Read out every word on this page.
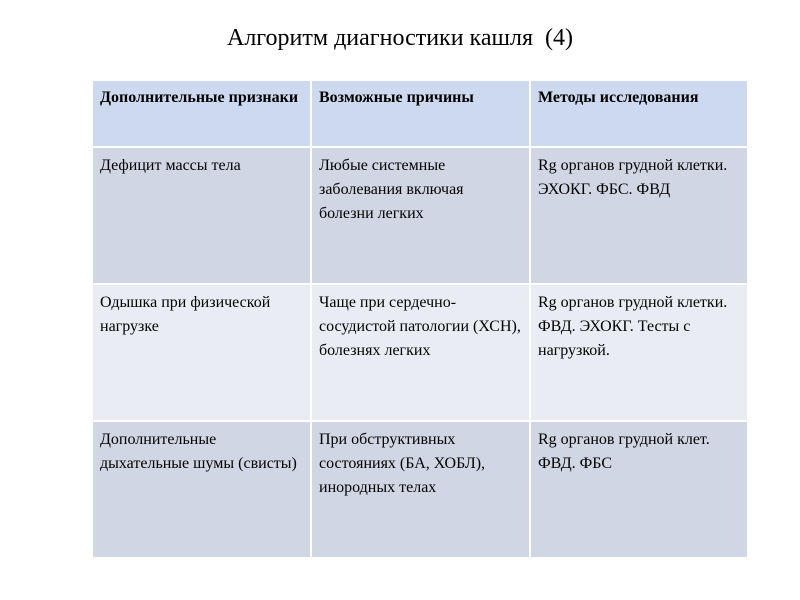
Алгоритм диагностики кашля  (4)
Дополнительные признаки	Возможные причины	Методы исследования
Дефицит массы тела	Любые системные заболевания включая болезни легких	Rg органов грудной клетки. ЭХОКГ. ФБС. ФВД
Одышка при физической нагрузке	Чаще при сердечно-сосудистой патологии (ХСН), болезнях легких	Rg органов грудной клетки. ФВД. ЭХОКГ. Тесты с нагрузкой.
Дополнительные дыхательные шумы (свисты)	При обструктивных состояниях (БА, ХОБЛ), инородных телах	Rg органов грудной клет. ФВД. ФБС
